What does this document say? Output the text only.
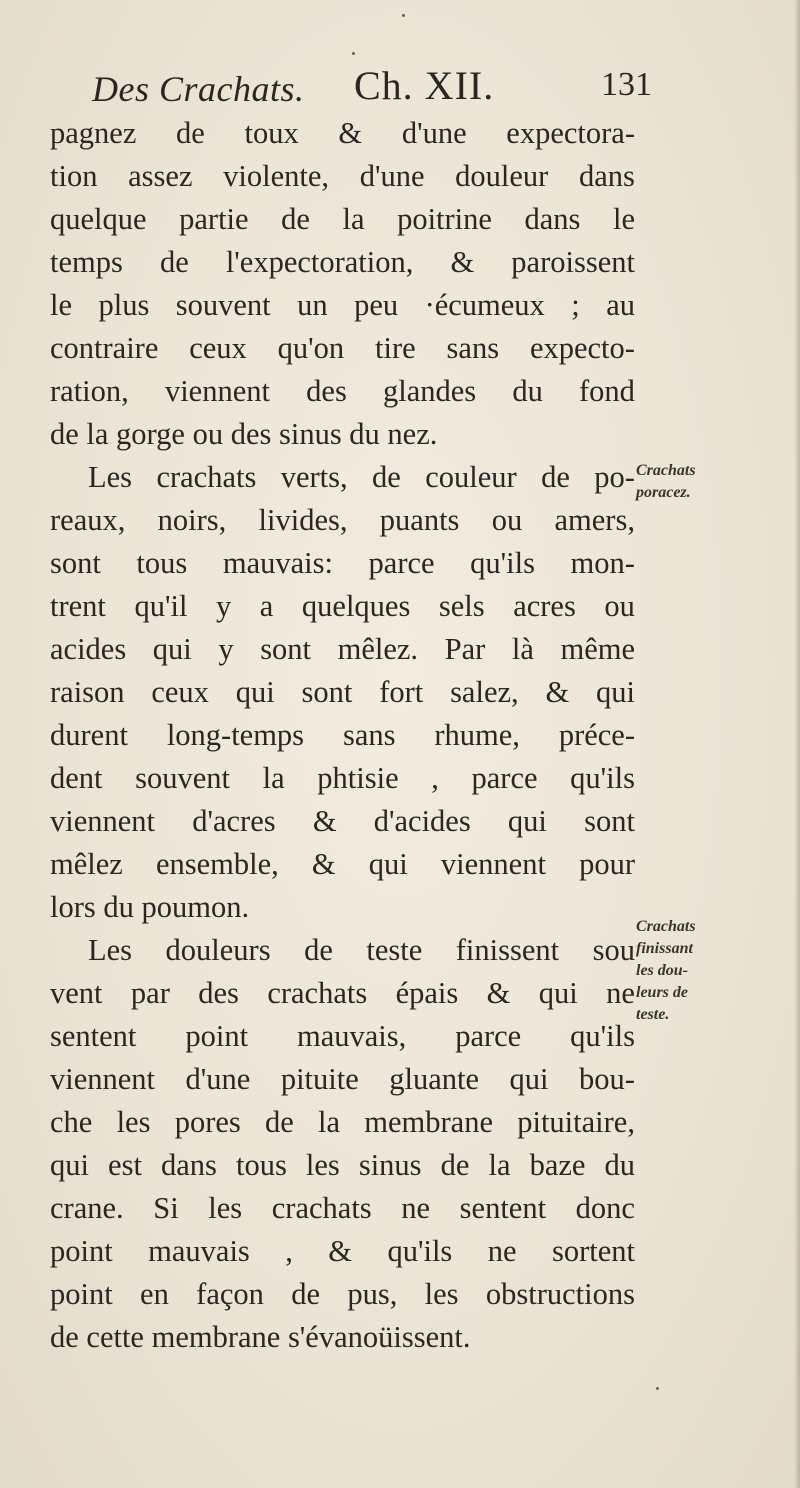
Des Crachats. Ch. XII.	131
pagnez de toux & d'une expectora-
tion assez violente, d'une douleur dans
quelque partie de la poitrine dans le
temps de l'expectoration, & paroissent
le plus souvent un peu ·écumeux ; au
contraire ceux qu'on tire sans expecto-
ration, viennent des glandes du fond
de la gorge ou des sinus du nez.
Les crachats verts, de couleur de po-
reaux, noirs, livides, puants ou amers,
sont tous mauvais: parce qu'ils mon-
trent qu'il y a quelques sels acres ou
acides qui y sont mêlez. Par là même
raison ceux qui sont fort salez, & qui
durent long-temps sans rhume, préce-
dent souvent la phtisie , parce qu'ils
viennent d'acres & d'acides qui sont
mêlez ensemble, & qui viennent pour
lors du poumon.
Les douleurs de teste finissent sou
vent par des crachats épais & qui ne
sentent point mauvais, parce qu'ils
viennent d'une pituite gluante qui bou-
che les pores de la membrane pituitaire,
qui est dans tous les sinus de la baze du
crane. Si les crachats ne sentent donc
point mauvais , & qu'ils ne sortent
point en façon de pus, les obstructions
de cette membrane s'évanoüissent.
Crachats
poracez.
Crachats
finissant
les dou-
leurs de
teste.
